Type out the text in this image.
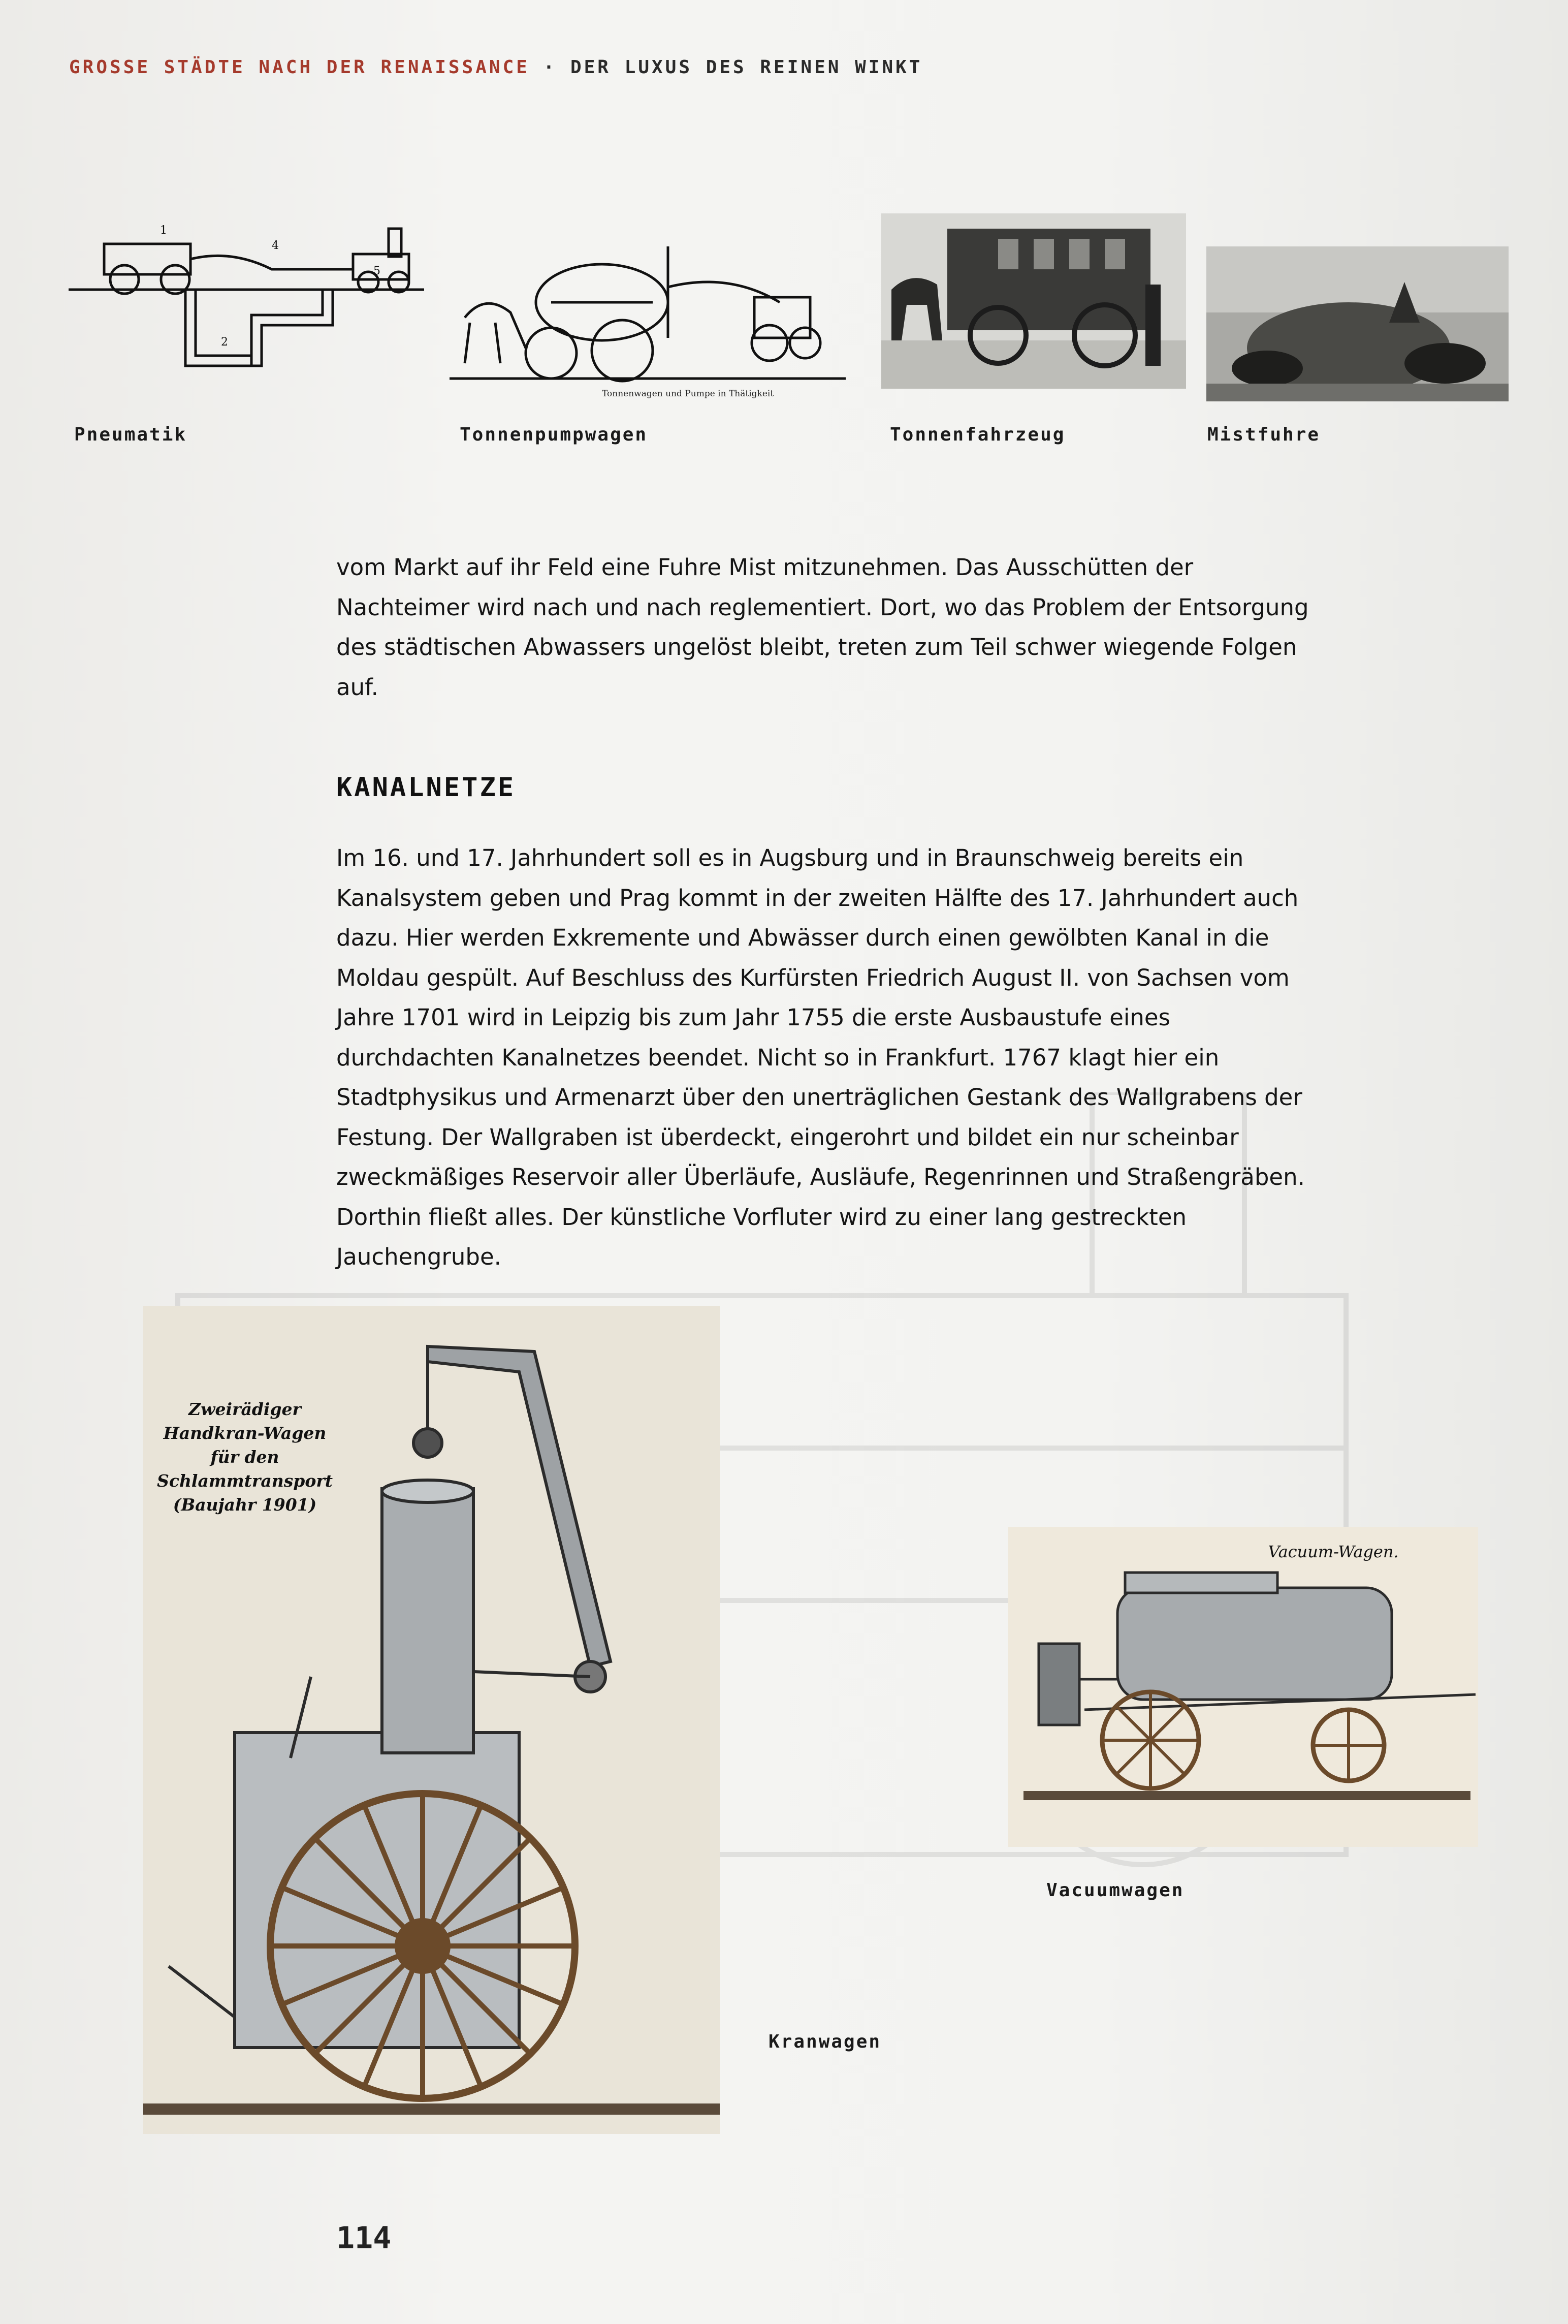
GROSSE STÄDTE NACH DER RENAISSANCE · DER LUXUS DES REINEN WINKT
1
4
2
5
Pneumatik
Tonnenwagen und Pumpe in Thätigkeit
Tonnenpumpwagen	Tonnenfahrzeug	Mistfuhre
vom Markt auf ihr Feld eine Fuhre Mist mitzunehmen. Das Ausschütten der Nachteimer wird nach und nach reglementiert. Dort, wo das Problem der Entsorgung des städtischen Abwassers ungelöst bleibt, treten zum Teil schwer wiegende Folgen auf.
KANALNETZE
Im 16. und 17. Jahrhundert soll es in Augsburg und in Braunschweig bereits ein Kanalsystem geben und Prag kommt in der zweiten Hälfte des 17. Jahrhundert auch dazu. Hier werden Exkremente und Abwässer durch einen gewölbten Kanal in die Moldau gespült. Auf Beschluss des Kurfürsten Friedrich August II. von Sachsen vom Jahre 1701 wird in Leipzig bis zum Jahr 1755 die erste Ausbaustufe eines durchdachten Kanalnetzes beendet. Nicht so in Frankfurt. 1767 klagt hier ein Stadtphysikus und Armenarzt über den unerträglichen Gestank des Wallgrabens der Festung. Der Wallgraben ist überdeckt, eingerohrt und bildet ein nur scheinbar zweckmäßiges Reservoir aller Überläufe, Ausläufe, Regenrinnen und Straßengräben. Dorthin fließt alles. Der künstliche Vorfluter wird zu einer lang gestreckten Jauchengrube.
Zweirädiger
Handkran-Wagen
für den
Schlammtransport
(Baujahr 1901)
Kranwagen
Vacuum-Wagen.
Vacuumwagen
114
